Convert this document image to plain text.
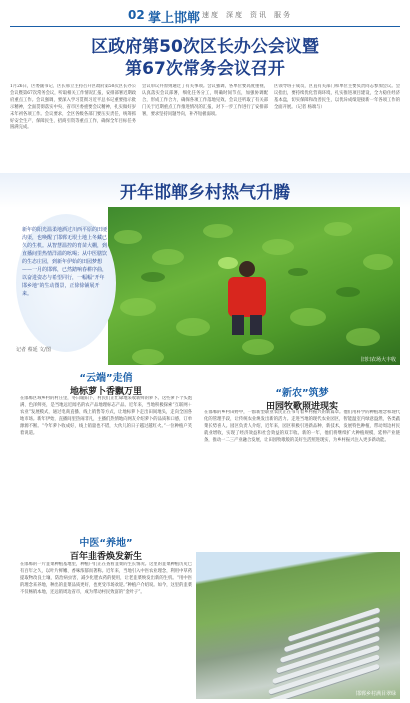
02 掌上邯郸 速度 深度 资讯 服务
区政府第50次区长办公会议暨
第67次常务会议召开
1月26日，区委副书记、区长邢立主持召开区政府第50次区长办公会议暨第67次常务会议，听取相关工作情况汇报，安排部署近期政府重点工作。会议强调，要深入学习贯彻习近平总书记重要指示批示精神，全面贯彻落实中央、省市区委重要会议精神，扎实做好岁末年初各项工作。会议要求，全区各级各部门要压实责任，统筹抓好安全生产、保障民生、招商引资等重点工作，确保全年目标任务圆满完成。
会议审议并原则通过了有关事项。会议强调，各单位要高度重视，认真落实会议部署，细化任务分工，明确时间节点，加强协调配合，形成工作合力，确保各项工作落地见效。会议还听取了有关部门关于近期重点工作推进情况的汇报，对下一步工作进行了安排部署，要求坚持问题导向，补齐短板弱项。
区领导班子成员，区直有关部门和单位主要负责同志参加会议。会议指出，要持续优化营商环境，扎实推进项目建设，全力稳住经济基本盘，切实保障和改善民生，以优异成绩迎接新一年各项工作的全面开展。（记者 杨端与）
开年邯郸乡村热气升腾
旧归农场大丰收
新年的阳光温柔地洒过川西平原的田埂沟渠，也唤醒了邯郸无垠土地上冬藏已久的生机。从智慧温控的育苗大棚，到直播间里热情洋溢的吆喝；从中医膳饮的生态庄园，到新年伊始的田园梦想——一月的邯郸，已然踏响春耕序曲，以奋进姿态与希望同行，一幅幅“开年邯乡地”的生动图景，正徐徐铺展开来。
记者 蔡延 文/图
“云端”走俏
地标萝卜香飘万里
在邯郸区域乡村的村庄里，冬日暖阳下，村民们正忙碌地采收新鲜的萝卜。这些萝卜个头饱满、色泽鲜亮，是当地远近闻名的农产品地理标志产品。近年来，当地积极探索“互联网＋农业”发展模式，通过电商直播、线上销售等方式，让地标萝卜走出田间地头，走向全国各地市场。新年伊始，直播间里热闹非凡，主播们热情地向网友介绍萝卜的品质和口感，订单源源不断。“今年萝卜收成好，线上销量也不错，大伙儿的日子越过越红火。”一位种植户笑着说道。
“新农”筑梦
田园牧歌照进现实
在邯郸的乡村田野中，一群新型职业农民正在书写着乡村振兴的新篇章。他们用科学的种植理念和现代化的管理手段，让传统农业焕发出新的活力。走进当地的现代农业园区，智能温室内绿意盎然，各类蔬菜长势喜人。园区负责人介绍，近年来，园区积极引进新品种、新技术，发展特色种植，带动周边村民就业增收，实现了经济效益和社会效益的双丰收。新的一年，他们将继续扩大种植规模，延伸产业链条，推动一二三产业融合发展，让田园牧歌般的美好生活照进现实，为乡村振兴注入更多新动能。
中医“养地”
百年韭香焕发新生
在邯郸的一片韭菜种植基地里，种植户们正在查看韭菜的生长情况。这里的韭菜种植历史已有百年之久，以叶片鲜嫩、香味浓郁而著称。近年来，当地引入中医农业理念，利用中草药提取物改良土壤、防治病虫害，减少化肥农药的使用，让老韭菜焕发出新的生机。“用中医的理念来养地，种出的韭菜品质更好，也更受市场欢迎。”种植户介绍说。如今，这里的韭菜不仅畅销本地，还远销周边省市，成为带动村民致富的“金叶子”。
邯郸乡村满目翠绿
